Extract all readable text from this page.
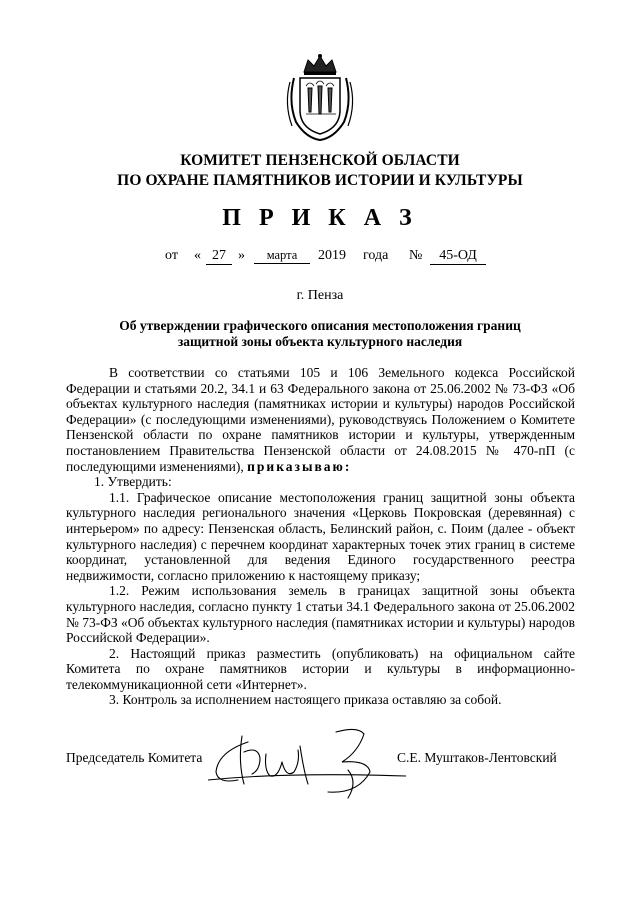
КОМИТЕТ ПЕНЗЕНСКОЙ ОБЛАСТИ
ПО ОХРАНЕ ПАМЯТНИКОВ ИСТОРИИ И КУЛЬТУРЫ
П Р И К А З
от « 27 »	марта	2019 года №	45-ОД
г. Пенза
Об утверждении графического описания местоположения границ
защитной зоны объекта культурного наследия

В соответствии со статьями 105 и 106 Земельного кодекса Российской Федерации и статьями 20.2, 34.1 и 63 Федерального закона от 25.06.2002 № 73-ФЗ «Об объектах культурного наследия (памятниках истории и культуры) народов Российской Федерации» (с последующими изменениями), руководствуясь Положением о Комитете Пензенской области по охране памятников истории и культуры, утвержденным постановлением Правительства Пензенской области от 24.08.2015 № 470-пП (с последующими изменениями), приказываю:

1. Утвердить:

1.1. Графическое описание местоположения границ защитной зоны объекта культурного наследия регионального значения «Церковь Покровская (деревянная) с интерьером» по адресу: Пензенская область, Белинский район, с. Поим (далее - объект культурного наследия) с перечнем координат характерных точек этих границ в системе координат, установленной для ведения Единого государственного реестра недвижимости, согласно приложению к настоящему приказу;

1.2. Режим использования земель в границах защитной зоны объекта культурного наследия, согласно пункту 1 статьи 34.1 Федерального закона от 25.06.2002 № 73-ФЗ «Об объектах культурного наследия (памятниках истории и культуры) народов Российской Федерации».

2. Настоящий приказ разместить (опубликовать) на официальном сайте Комитета по охране памятников истории и культуры в информационно-телекоммуникационной сети «Интернет».

3. Контроль за исполнением настоящего приказа оставляю за собой.

Председатель Комитета	С.Е. Муштаков-Лентовский
